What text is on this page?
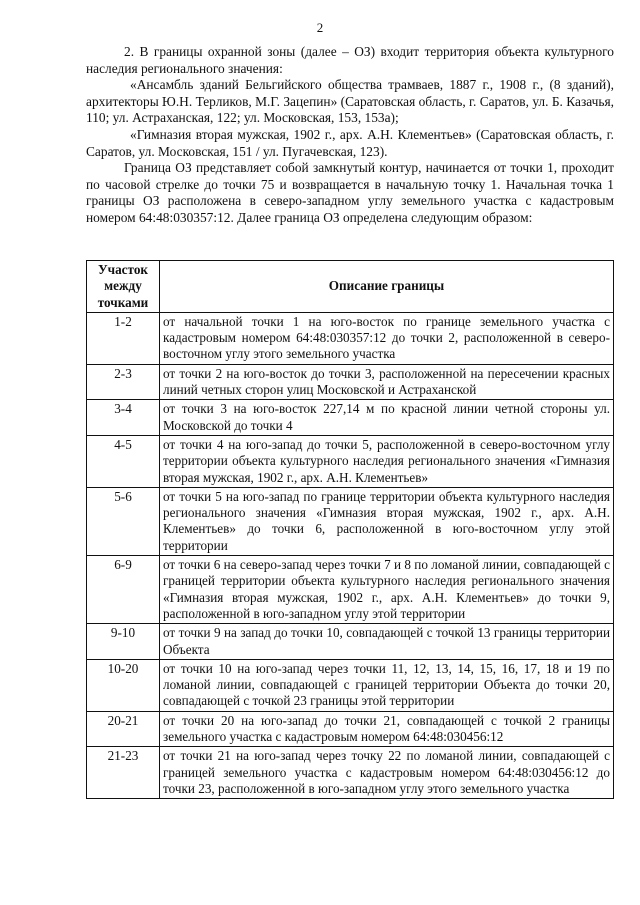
2

2. В границы охранной зоны (далее – ОЗ) входит территория объекта культурного наследия регионального значения:

«Ансамбль зданий Бельгийского общества трамваев, 1887 г., 1908 г., (8 зданий), архитекторы Ю.Н. Терликов, М.Г. Зацепин» (Саратовская область, г. Саратов, ул. Б. Казачья, 110; ул. Астраханская, 122; ул. Московская, 153, 153а);

«Гимназия вторая мужская, 1902 г., арх. А.Н. Клементьев» (Саратовская область, г. Саратов, ул. Московская, 151 / ул. Пугачевская, 123).

Граница ОЗ представляет собой замкнутый контур, начинается от точки 1, проходит по часовой стрелке до точки 75 и возвращается в начальную точку 1. Начальная точка 1 границы ОЗ расположена в северо-западном углу земельного участка с кадастровым номером 64:48:030357:12. Далее граница ОЗ определена следующим образом:

Участок между точками	Описание границы
1-2	от начальной точки 1 на юго-восток по границе земельного участка с кадастровым номером 64:48:030357:12 до точки 2, расположенной в северо-восточном углу этого земельного участка
2-3	от точки 2 на юго-восток до точки 3, расположенной на пересечении красных линий четных сторон улиц Московской и Астраханской
3-4	от точки 3 на юго-восток 227,14 м по красной линии четной стороны ул. Московской до точки 4
4-5	от точки 4 на юго-запад до точки 5, расположенной в северо-восточном углу территории объекта культурного наследия регионального значения «Гимназия вторая мужская, 1902 г., арх. А.Н. Клементьев»
5-6	от точки 5 на юго-запад по границе территории объекта культурного наследия регионального значения «Гимназия вторая мужская, 1902 г., арх. А.Н. Клементьев» до точки 6, расположенной в юго-восточном углу этой территории
6-9	от точки 6 на северо-запад через точки 7 и 8 по ломаной линии, совпадающей с границей территории объекта культурного наследия регионального значения «Гимназия вторая мужская, 1902 г., арх. А.Н. Клементьев» до точки 9, расположенной в юго-западном углу этой территории
9-10	от точки 9 на запад до точки 10, совпадающей с точкой 13 границы территории Объекта
10-20	от точки 10 на юго-запад через точки 11, 12, 13, 14, 15, 16, 17, 18 и 19 по ломаной линии, совпадающей с границей территории Объекта до точки 20, совпадающей с точкой 23 границы этой территории
20-21	от точки 20 на юго-запад до точки 21, совпадающей с точкой 2 границы земельного участка с кадастровым номером 64:48:030456:12
21-23	от точки 21 на юго-запад через точку 22 по ломаной линии, совпадающей с границей земельного участка с кадастровым номером 64:48:030456:12 до точки 23, расположенной в юго-западном углу этого земельного участка
